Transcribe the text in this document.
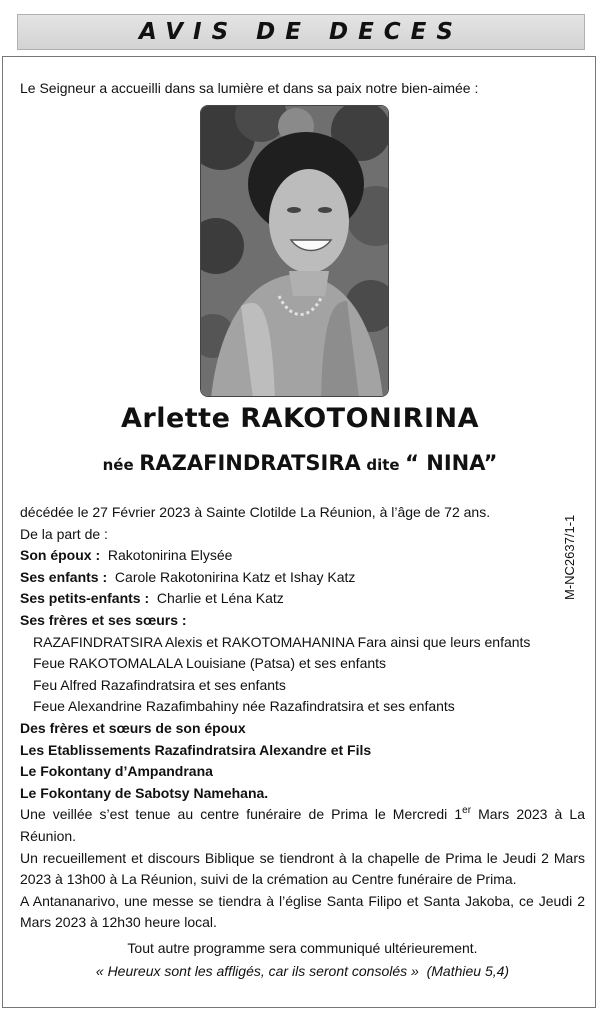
AVIS DE DECES
Le Seigneur a accueilli dans sa lumière et dans sa paix notre bien-aimée :
Arlette RAKOTONIRINA
née RAZAFINDRATSIRA dite “ NINA”

décédée le 27 Février 2023 à Sainte Clotilde La Réunion, à l’âge de 72 ans.

De la part de :

Son époux : Rakotonirina Elysée

Ses enfants : Carole Rakotonirina Katz et Ishay Katz

Ses petits-enfants : Charlie et Léna Katz

Ses frères et ses sœurs :

RAZAFINDRATSIRA Alexis et RAKOTOMAHANINA Fara ainsi que leurs enfants

Feue RAKOTOMALALA Louisiane (Patsa) et ses enfants

Feu Alfred Razafindratsira et ses enfants

Feue Alexandrine Razafimbahiny née Razafindratsira et ses enfants

Des frères et sœurs de son époux

Les Etablissements Razafindratsira Alexandre et Fils

Le Fokontany d’Ampandrana

Le Fokontany de Sabotsy Namehana.

Une veillée s’est tenue au centre funéraire de Prima le Mercredi 1er Mars 2023 à La Réunion.

Un recueillement et discours Biblique se tiendront à la chapelle de Prima le Jeudi 2 Mars 2023 à 13h00 à La Réunion, suivi de la crémation au Centre funéraire de Prima.

A Antananarivo, une messe se tiendra à l’église Santa Filipo et Santa Jakoba, ce Jeudi 2 Mars 2023 à 12h30 heure local.

Tout autre programme sera communiqué ultérieurement.

« Heureux sont les affligés, car ils seront consolés » (Mathieu 5,4)

M-NC2637/1-1
